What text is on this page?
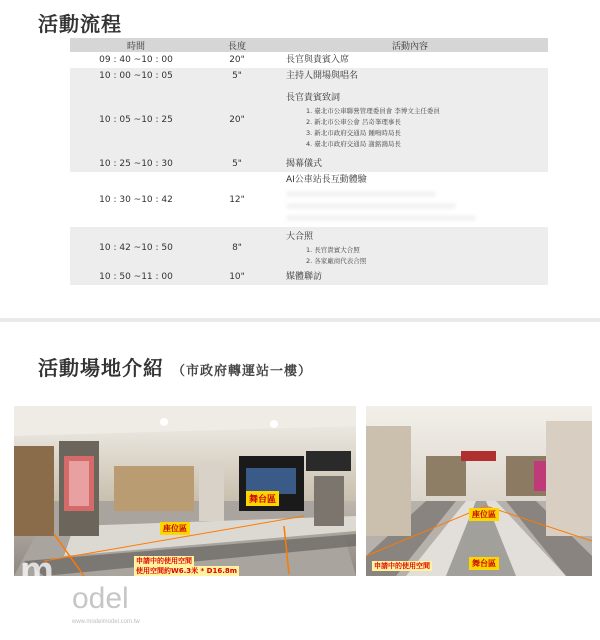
活動流程
時間	長度	活動內容
09 : 40 ~10 : 00	20"	長官與貴賓入席

10 : 00 ~10 : 05	5"	主持人開場與唱名

10 : 05 ~10 : 25	20"	長官貴賓致詞
1. 臺北市公車聯營管理委員會 李博文主任委員
2. 新北市公車公會 呂奇峯理事長
3. 新北市政府交通局 鍾鳴時局長
4. 臺北市政府交通局 謝銘鴻局長

10 : 25 ~10 : 30	5"	揭幕儀式

10 : 30 ~10 : 42	12"	AI公車站長互動體驗

10 : 42 ~10 : 50	8"	大合照
1. 長官貴賓大合照
2. 各家廠商代表合照

10 : 50 ~11 : 00	10"	媒體聯訪
活動場地介紹 （市政府轉運站一樓）
舞台區
座位區
申請中的使用空間
使用空間約W6.3米 * D16.8m
座位區
申請中的使用空間	舞台區
m
odel
www.modelmodel.com.tw
